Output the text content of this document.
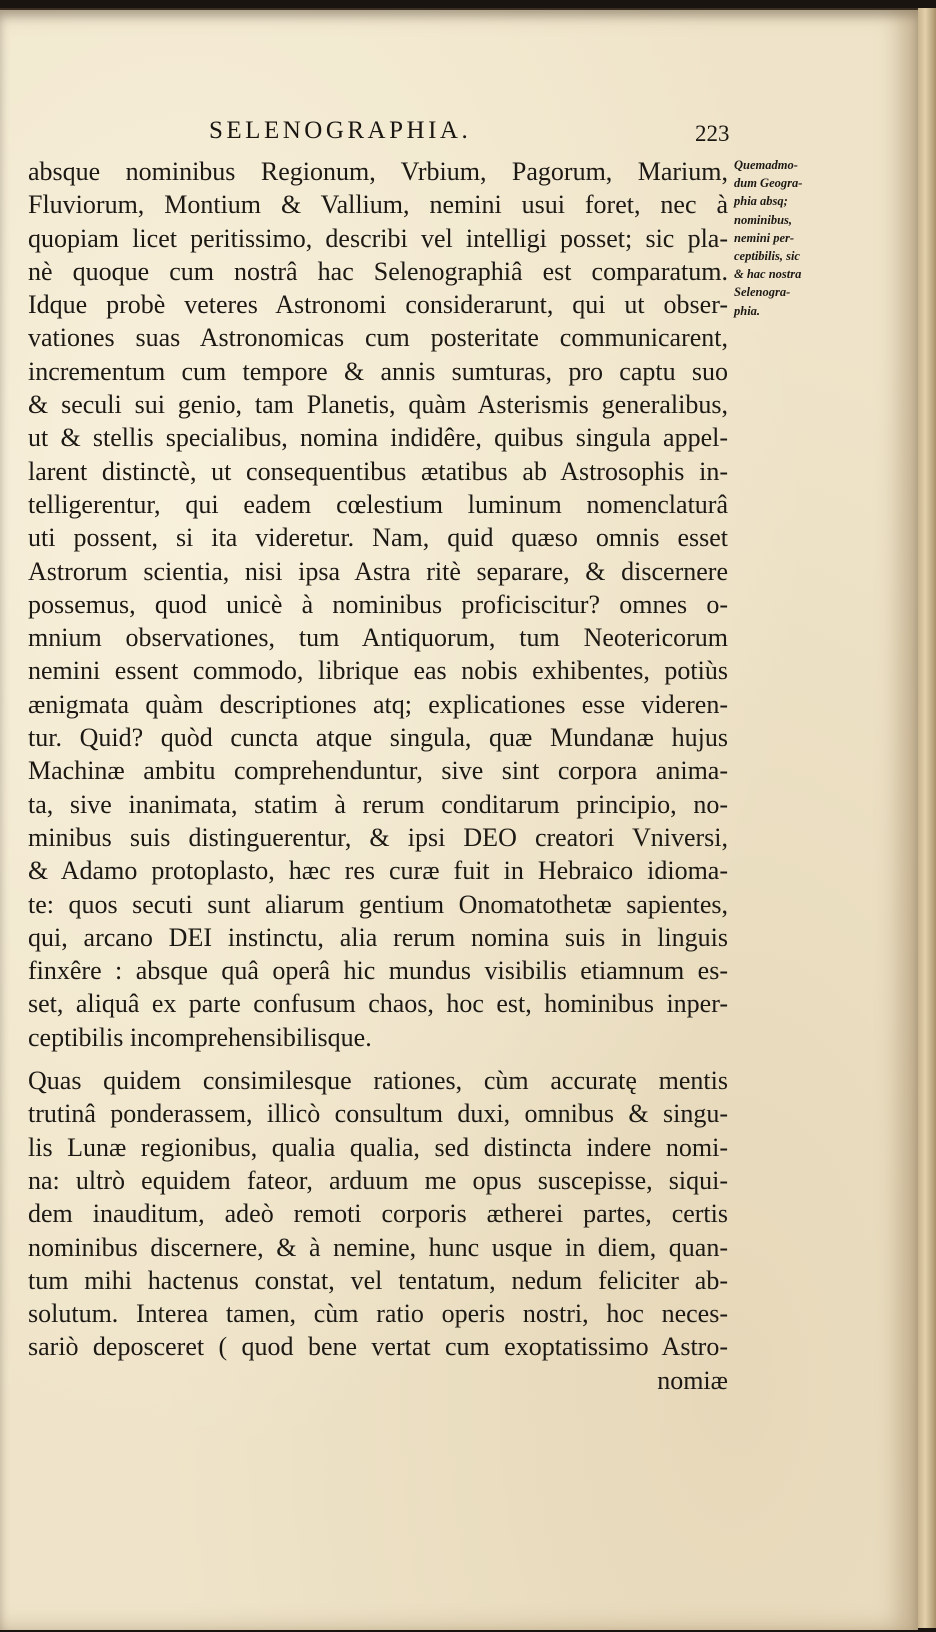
SELENOGRAPHIA.	223
absque nominibus Regionum, Vrbium, Pagorum, Marium,
Fluviorum, Montium & Vallium, nemini usui foret, nec à
quopiam licet peritissimo, describi vel intelligi posset; sic pla-
nè quoque cum nostrâ hac Selenographiâ est comparatum.
Idque probè veteres Astronomi considerarunt, qui ut obser-
vationes suas Astronomicas cum posteritate communicarent,
incrementum cum tempore & annis sumturas, pro captu suo
& seculi sui genio, tam Planetis, quàm Asterismis generalibus,
ut & stellis specialibus, nomina indidêre, quibus singula appel-
larent distinctè, ut consequentibus ætatibus ab Astrosophis in-
telligerentur, qui eadem cœlestium luminum nomenclaturâ
uti possent, si ita videretur. Nam, quid quæso omnis esset
Astrorum scientia, nisi ipsa Astra ritè separare, & discernere
possemus, quod unicè à nominibus proficiscitur? omnes o-
mnium observationes, tum Antiquorum, tum Neotericorum
nemini essent commodo, librique eas nobis exhibentes, potiùs
ænigmata quàm descriptiones atq; explicationes esse videren-
tur. Quid? quòd cuncta atque singula, quæ Mundanæ hujus
Machinæ ambitu comprehenduntur, sive sint corpora anima-
ta, sive inanimata, statim à rerum conditarum principio, no-
minibus suis distinguerentur, & ipsi DEO creatori Vniversi,
& Adamo protoplasto, hæc res curæ fuit in Hebraico idioma-
te: quos secuti sunt aliarum gentium Onomatothetæ sapientes,
qui, arcano DEI instinctu, alia rerum nomina suis in linguis
finxêre : absque quâ operâ hic mundus visibilis etiamnum es-
set, aliquâ ex parte confusum chaos, hoc est, hominibus inper-
ceptibilis incomprehensibilisque.
Quas quidem consimilesque rationes, cùm accuratę mentis
trutinâ ponderassem, illicò consultum duxi, omnibus & singu-
lis Lunæ regionibus, qualia qualia, sed distincta indere nomi-
na: ultrò equidem fateor, arduum me opus suscepisse, siqui-
dem inauditum, adeò remoti corporis ætherei partes, certis
nominibus discernere, & à nemine, hunc usque in diem, quan-
tum mihi hactenus constat, vel tentatum, nedum feliciter ab-
solutum. Interea tamen, cùm ratio operis nostri, hoc neces-
sariò deposceret ( quod bene vertat cum exoptatissimo Astro-
nomiæ
Quemadmo-
dum Geogra-
phia absq;
nominibus,
nemini per-
ceptibilis, sic
& hac nostra
Selenogra-
phia.
